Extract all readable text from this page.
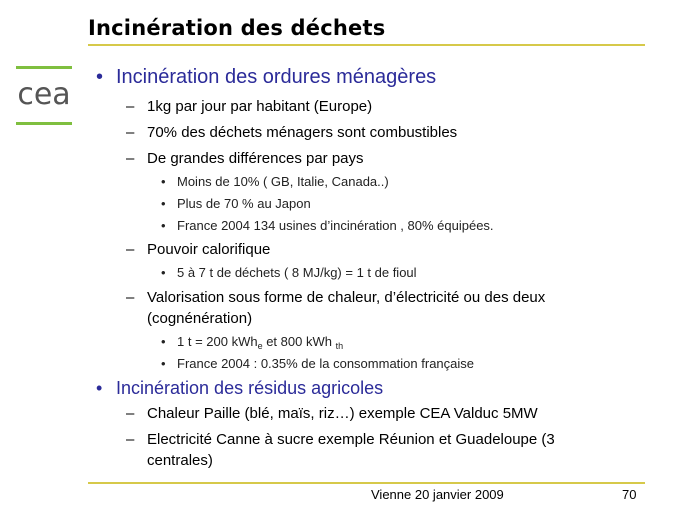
Incinération des déchets
cea • Incinération des ordures ménagères
– 1kg par jour par habitant (Europe)
– 70% des déchets ménagers sont combustibles
– De grandes différences par pays
• Moins de 10% ( GB, Italie, Canada..)
• Plus de 70 % au Japon
• France 2004 134 usines d’incinération , 80% équipées.
– Pouvoir calorifique
• 5 à 7 t de déchets ( 8 MJ/kg) = 1 t de fioul
– Valorisation sous forme de chaleur, d’électricité ou des deux
(cognénération)
• 1 t = 200 kWh$_e$ et 800 kWh $_{th}$
• France 2004 : 0.35% de la consommation française
• Incinération des résidus agricoles
– Chaleur Paille (blé, maïs, riz…) exemple CEA Valduc 5MW
– Electricité Canne à sucre exemple Réunion et Guadeloupe (3
centrales)
Vienne 20 janvier 2009	70
